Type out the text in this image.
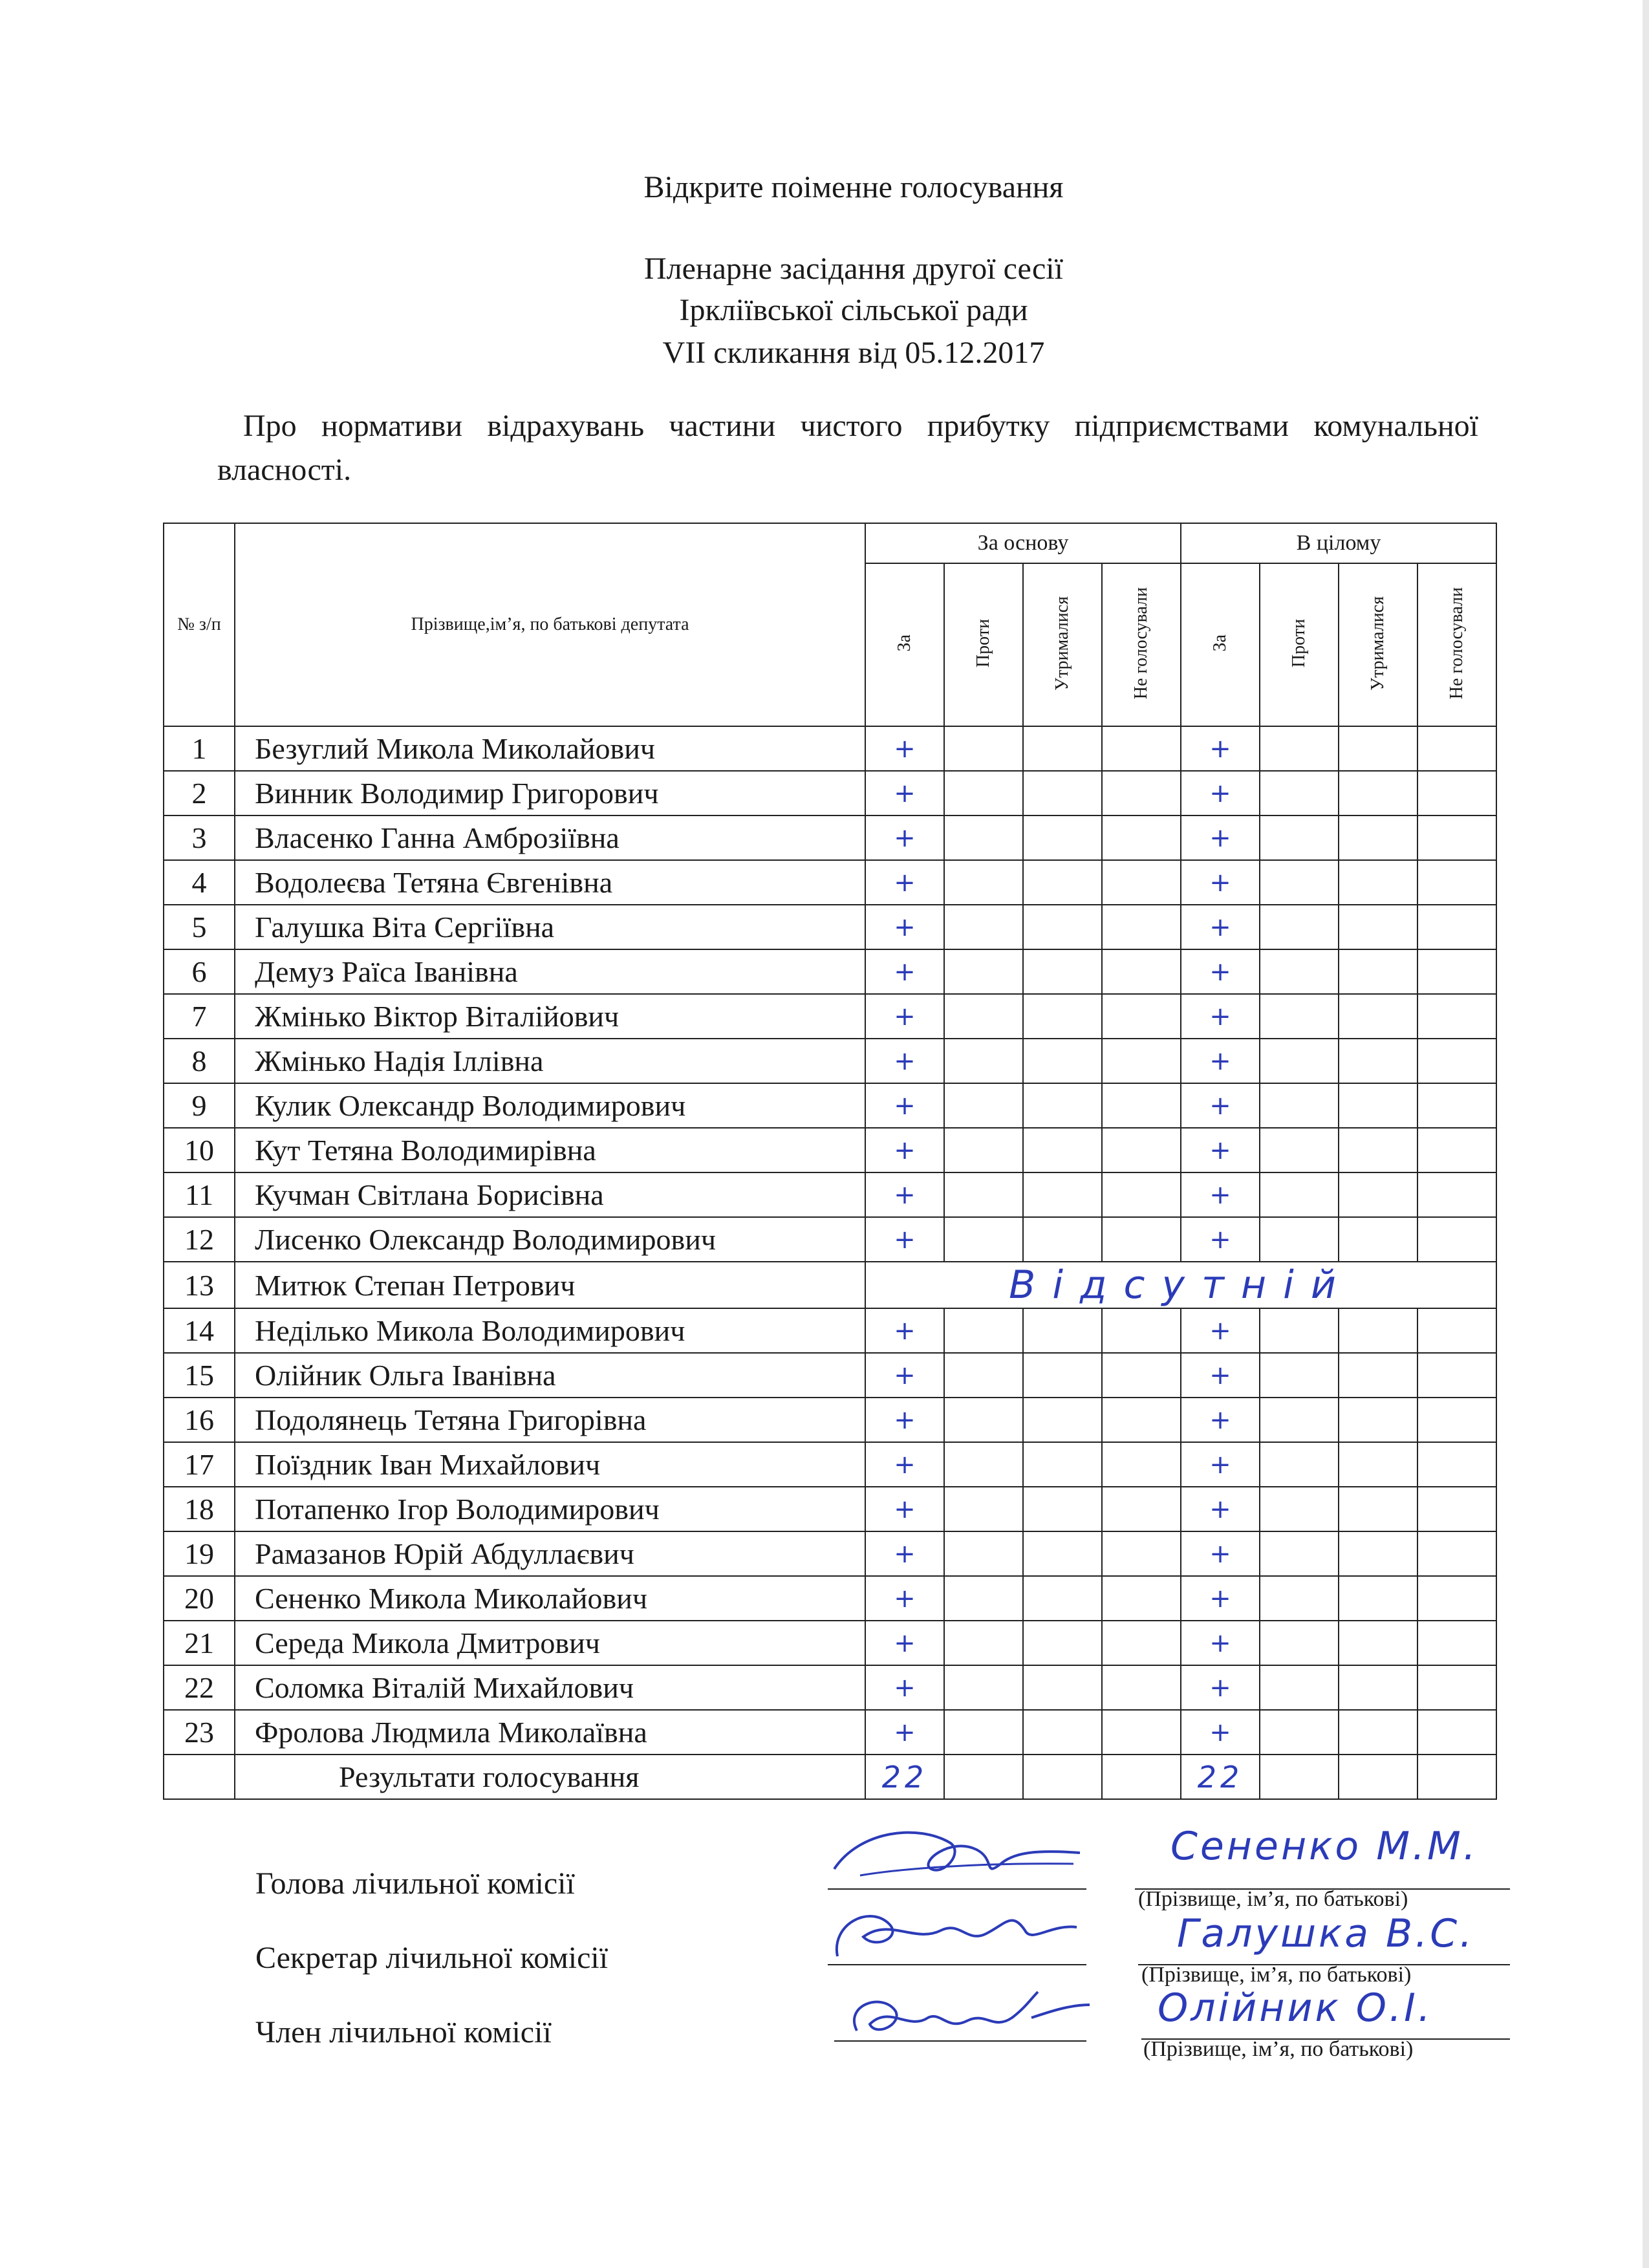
Відкрите поіменне голосування
Пленарне засідання другої сесії
Ірклiївської сільської ради
VII скликання від 05.12.2017
Про нормативи відрахувань частини чистого прибутку підприємствами комунальної власності.
№ з/п	Прізвище,ім’я, по батькові депутата	За основу				В цілому			
		За	Проти	Утрималися	Не голосували	За	Проти	Утрималися	Не голосували
1	Безуглий Микола Миколайович	+				+			
2	Винник Володимир Григорович	+				+			
3	Власенко Ганна Амброзіївна	+				+			
4	Водолеєва Тетяна Євгенівна	+				+			
5	Галушка Віта Сергіївна	+				+			
6	Демуз Раїса Іванівна	+				+			
7	Жмінько Віктор Віталійович	+				+			
8	Жмінько Надія Іллівна	+				+			
9	Кулик Олександр Володимирович	+				+			
10	Кут Тетяна Володимирівна	+				+			
11	Кучман Світлана Борисівна	+				+			
12	Лисенко Олександр Володимирович	+				+			
13	Митюк Степан Петрович	Відсутній							
14	Неділько Микола Володимирович	+				+			
15	Олійник Ольга Іванівна	+				+			
16	Подолянець Тетяна Григорівна	+				+			
17	Поїздник Іван Михайлович	+				+			
18	Потапенко Ігор Володимирович	+				+			
19	Рамазанов Юрій Абдуллаєвич	+				+			
20	Сененко Микола Миколайович	+				+			
21	Середа Микола Дмитрович	+				+			
22	Соломка Віталій Михайлович	+				+			
23	Фролова Людмила Миколаївна	+				+			
	Результати голосування	22				22			
Голова лічильної комісії
Секретар лічильної комісії
Член лічильної комісії
(Прізвище, ім’я, по батькові)
(Прізвище, ім’я, по батькові)
(Прізвище, ім’я, по батькові)
Сененко М.М.
Галушка В.С.
Олійник О.І.
